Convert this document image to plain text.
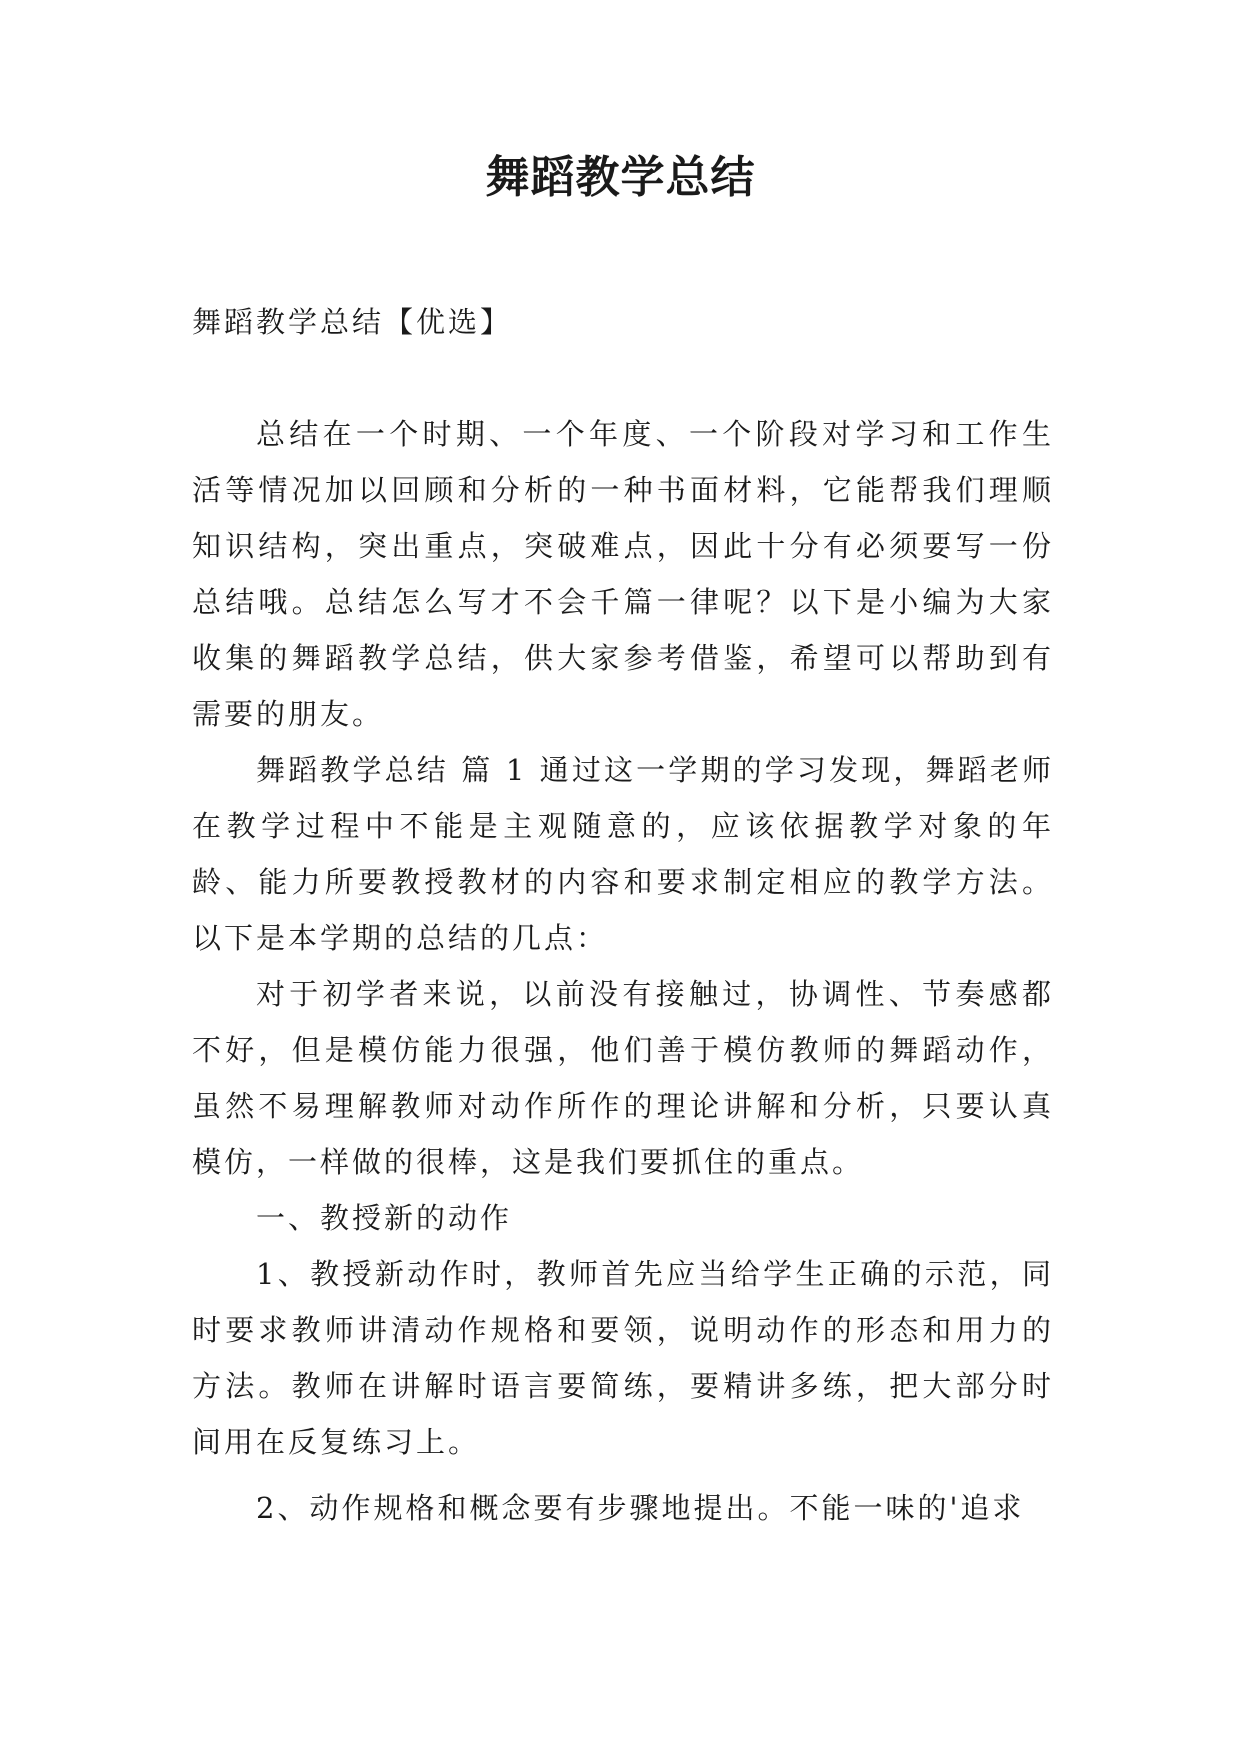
舞蹈教学总结

舞蹈教学总结【优选】

总结在一个时期、一个年度、一个阶段对学习和工作生活等情况加以回顾和分析的一种书面材料，它能帮我们理顺知识结构，突出重点，突破难点，因此十分有必须要写一份总结哦。总结怎么写才不会千篇一律呢？以下是小编为大家收集的舞蹈教学总结，供大家参考借鉴，希望可以帮助到有需要的朋友。

舞蹈教学总结 篇 1 通过这一学期的学习发现，舞蹈老师在教学过程中不能是主观随意的，应该依据教学对象的年龄、能力所要教授教材的内容和要求制定相应的教学方法。以下是本学期的总结的几点：

对于初学者来说，以前没有接触过，协调性、节奏感都不好，但是模仿能力很强，他们善于模仿教师的舞蹈动作，虽然不易理解教师对动作所作的理论讲解和分析，只要认真模仿，一样做的很棒，这是我们要抓住的重点。

一、教授新的动作

1、教授新动作时，教师首先应当给学生正确的示范，同时要求教师讲清动作规格和要领，说明动作的形态和用力的方法。教师在讲解时语言要简练，要精讲多练，把大部分时间用在反复练习上。

2、动作规格和概念要有步骤地提出。不能一味的'追求
